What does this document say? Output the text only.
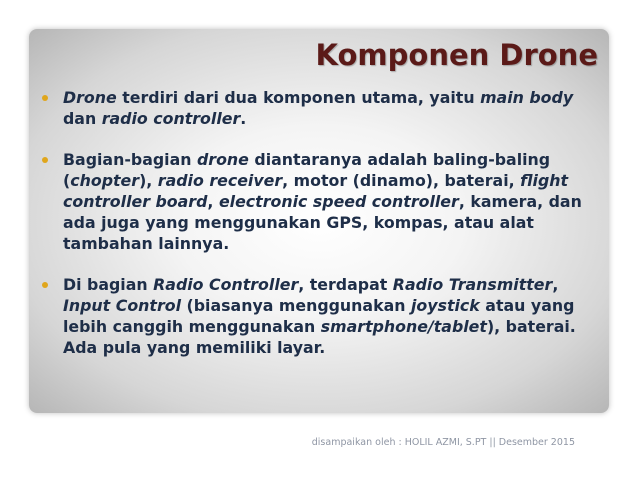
Komponen Drone
Drone terdiri dari dua komponen utama, yaitu main body dan radio controller.
Bagian-bagian drone diantaranya adalah baling-baling (chopter), radio receiver, motor (dinamo), baterai, flight controller board, electronic speed controller, kamera, dan ada juga yang menggunakan GPS, kompas, atau alat tambahan lainnya.
Di bagian Radio Controller, terdapat Radio Transmitter, Input Control (biasanya menggunakan joystick atau yang lebih canggih menggunakan smartphone/tablet), baterai. Ada pula yang memiliki layar.
disampaikan oleh : HOLIL AZMI, S.PT || Desember 2015
